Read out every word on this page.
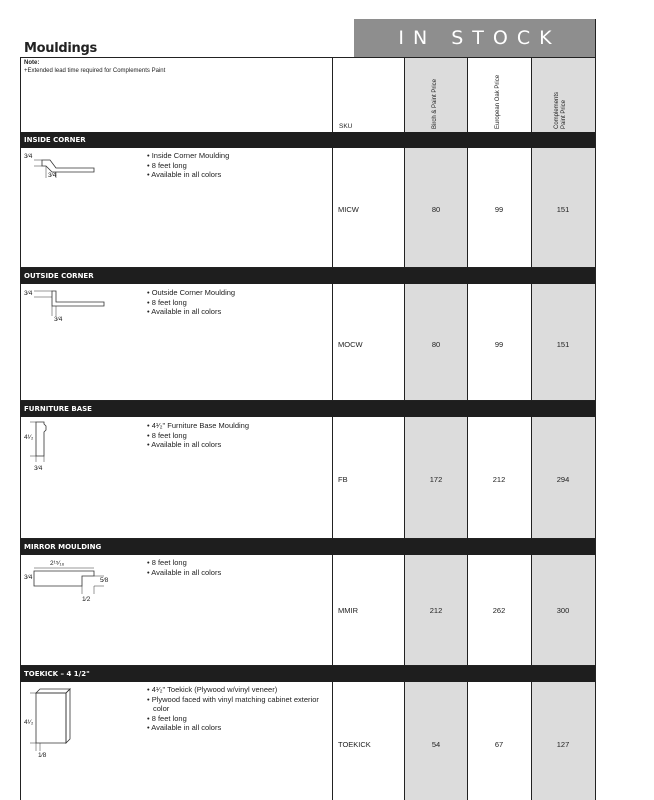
Mouldings	IN STOCK
Note:
+Extended lead time required for Complements Paint
SKU	Birch & Paint Price	European Oak Price	Complements Paint Price
INSIDE CORNER
3⁄4
3⁄4
• Inside Corner Moulding
• 8 feet long
• Available in all colors
MICW	80	99	151
OUTSIDE CORNER
3⁄4
3⁄4
• Outside Corner Moulding
• 8 feet long
• Available in all colors
MOCW	80	99	151
FURNITURE BASE
4¹⁄₂
3⁄4
• 4¹⁄₂" Furniture Base Moulding
• 8 feet long
• Available in all colors
FB	172	212	294
MIRROR MOULDING
2¹⁵⁄₁₆
3⁄4	5⁄8
1⁄2
• 8 feet long
• Available in all colors
MMIR	212	262	300
TOEKICK – 4 1/2"
4¹⁄₂
1⁄8
• 4¹⁄₂" Toekick (Plywood w/vinyl veneer)
• Plywood faced with vinyl matching cabinet exterior color
• 8 feet long
• Available in all colors
TOEKICK	54	67	127
